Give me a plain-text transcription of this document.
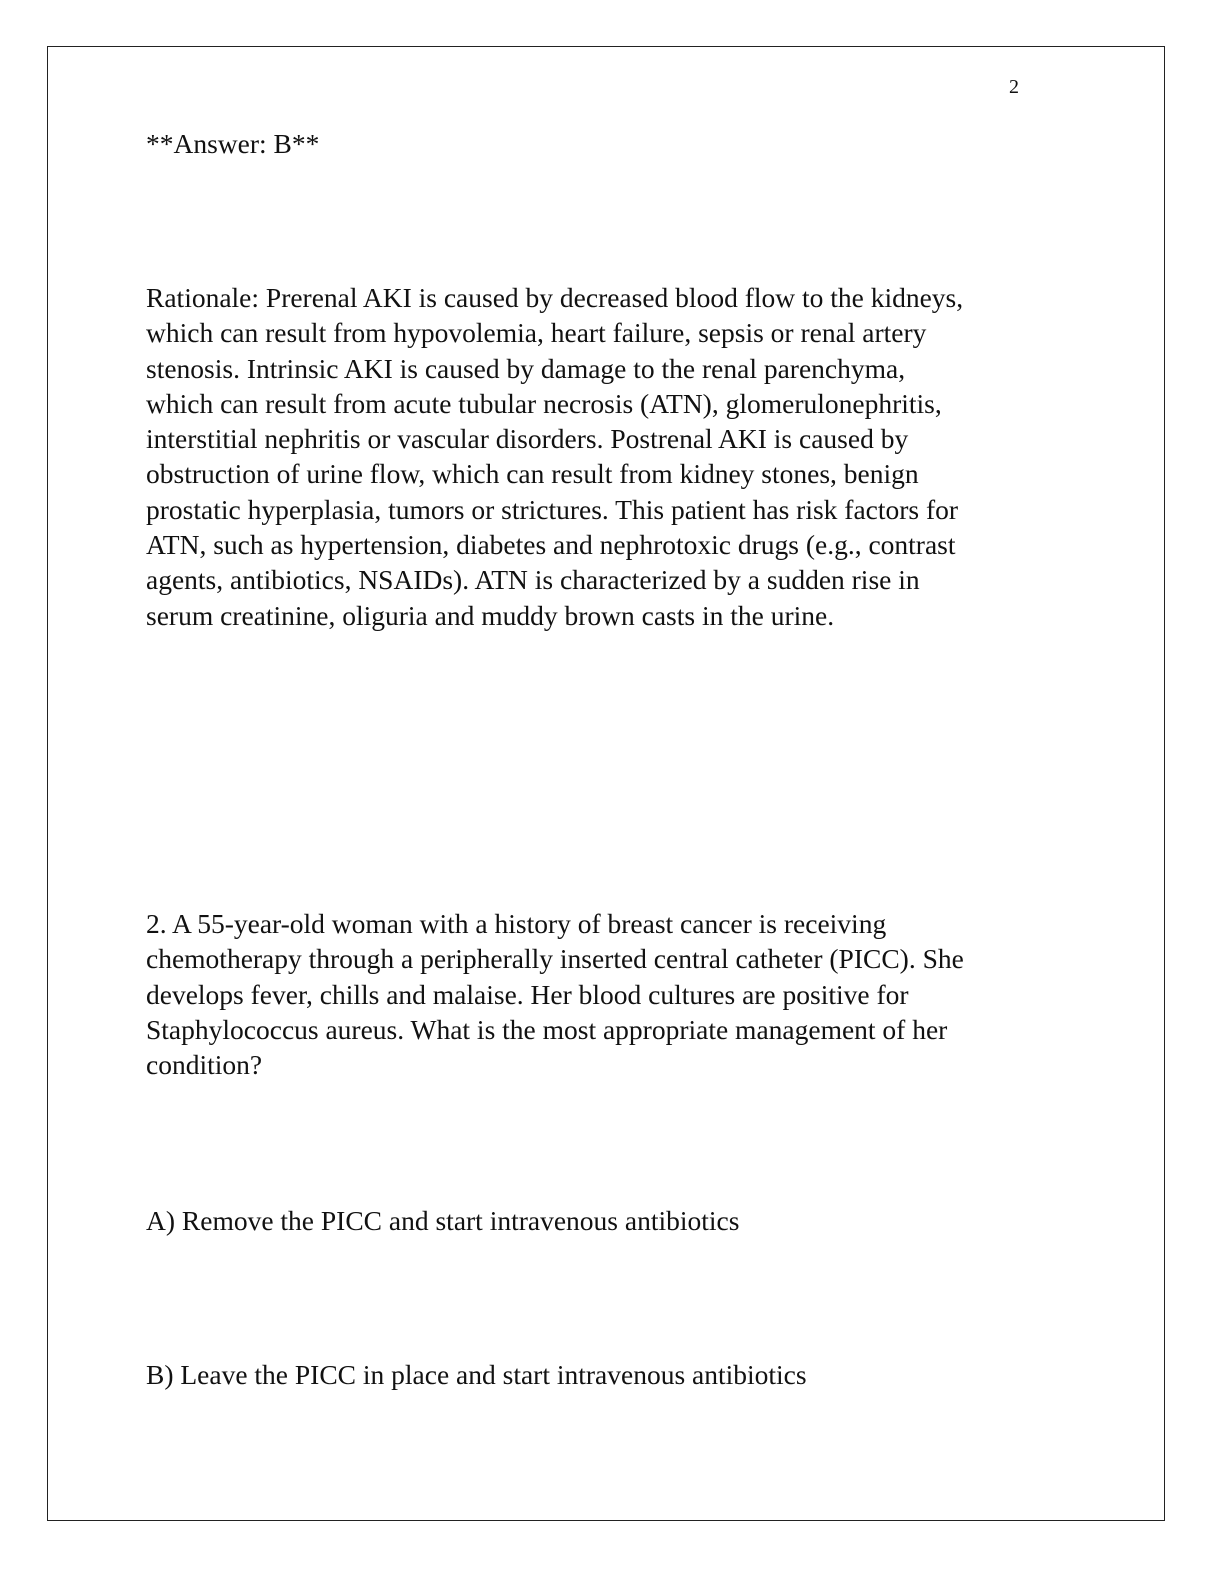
2
**Answer: B**
Rationale: Prerenal AKI is caused by decreased blood flow to the kidneys,
which can result from hypovolemia, heart failure, sepsis or renal artery
stenosis. Intrinsic AKI is caused by damage to the renal parenchyma,
which can result from acute tubular necrosis (ATN), glomerulonephritis,
interstitial nephritis or vascular disorders. Postrenal AKI is caused by
obstruction of urine flow, which can result from kidney stones, benign
prostatic hyperplasia, tumors or strictures. This patient has risk factors for
ATN, such as hypertension, diabetes and nephrotoxic drugs (e.g., contrast
agents, antibiotics, NSAIDs). ATN is characterized by a sudden rise in
serum creatinine, oliguria and muddy brown casts in the urine.
2. A 55-year-old woman with a history of breast cancer is receiving
chemotherapy through a peripherally inserted central catheter (PICC). She
develops fever, chills and malaise. Her blood cultures are positive for
Staphylococcus aureus. What is the most appropriate management of her
condition?
A) Remove the PICC and start intravenous antibiotics
B) Leave the PICC in place and start intravenous antibiotics
